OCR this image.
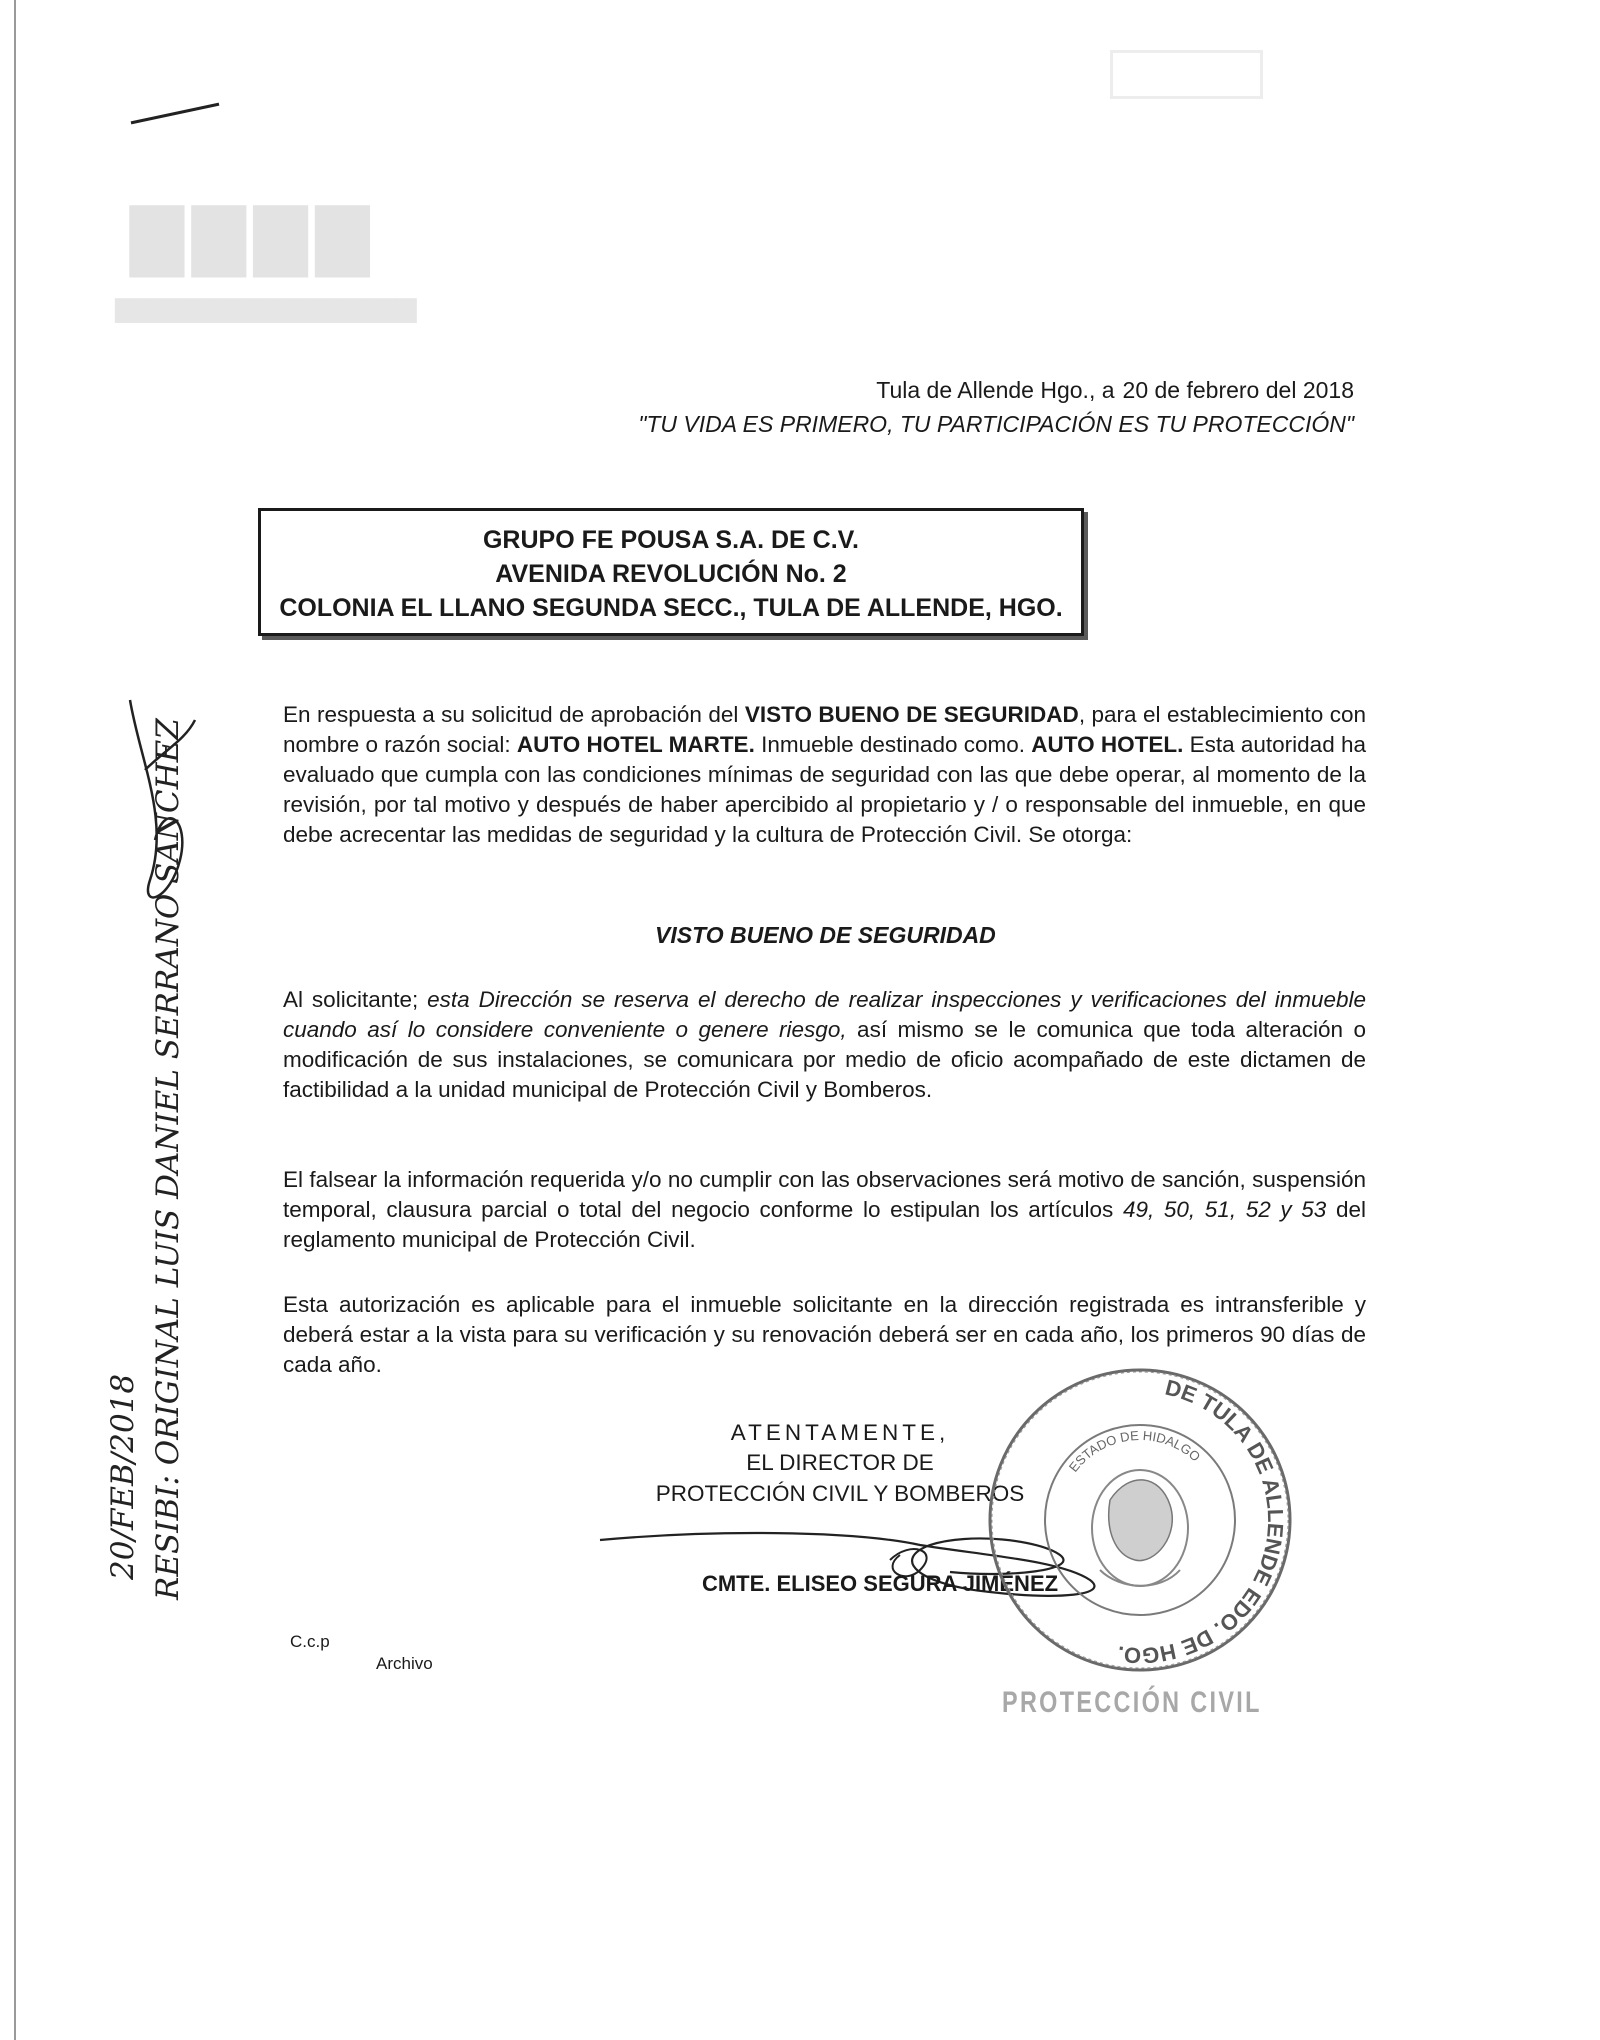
▇▇▇▇
▆▆▆▆▆▆▆▆▆▆▆▆▆▆

Tula de Allende Hgo., a 20 de febrero del 2018
"TU VIDA ES PRIMERO, TU PARTICIPACIÓN ES TU PROTECCIÓN"
GRUPO FE POUSA S.A. DE C.V.
AVENIDA REVOLUCIÓN No. 2
COLONIA EL LLANO SEGUNDA SECC., TULA DE ALLENDE, HGO.
En respuesta a su solicitud de aprobación del VISTO BUENO DE SEGURIDAD, para el establecimiento con nombre o razón social: AUTO HOTEL MARTE. Inmueble destinado como. AUTO HOTEL. Esta autoridad ha evaluado que cumpla con las condiciones mínimas de seguridad con las que debe operar, al momento de la revisión, por tal motivo y después de haber apercibido al propietario y / o responsable del inmueble, en que debe acrecentar las medidas de seguridad y la cultura de Protección Civil. Se otorga:
VISTO BUENO DE SEGURIDAD
Al solicitante; esta Dirección se reserva el derecho de realizar inspecciones y verificaciones del inmueble cuando así lo considere conveniente o genere riesgo, así mismo se le comunica que toda alteración o modificación de sus instalaciones, se comunicara por medio de oficio acompañado de este dictamen de factibilidad a la unidad municipal de Protección Civil y Bomberos.
El falsear la información requerida y/o no cumplir con las observaciones será motivo de sanción, suspensión temporal, clausura parcial o total del negocio conforme lo estipulan los artículos 49, 50, 51, 52 y 53 del reglamento municipal de Protección Civil.
Esta autorización es aplicable para el inmueble solicitante en la dirección registrada es intransferible y deberá estar a la vista para su verificación y su renovación deberá ser en cada año, los primeros 90 días de cada año.
ATENTAMENTE,
EL DIRECTOR DE
PROTECCIÓN CIVIL Y BOMBEROS
CMTE. ELISEO SEGURA JIMÉNEZ
C.c.p
Archivo
DE TULA DE ALLENDE EDO. DE HGO.
ESTADO DE HIDALGO
PROTECCIÓN CIVIL
RESIBI: ORIGINAL LUIS DANIEL SERRANO SANCHEZ
20/FEB/2018
